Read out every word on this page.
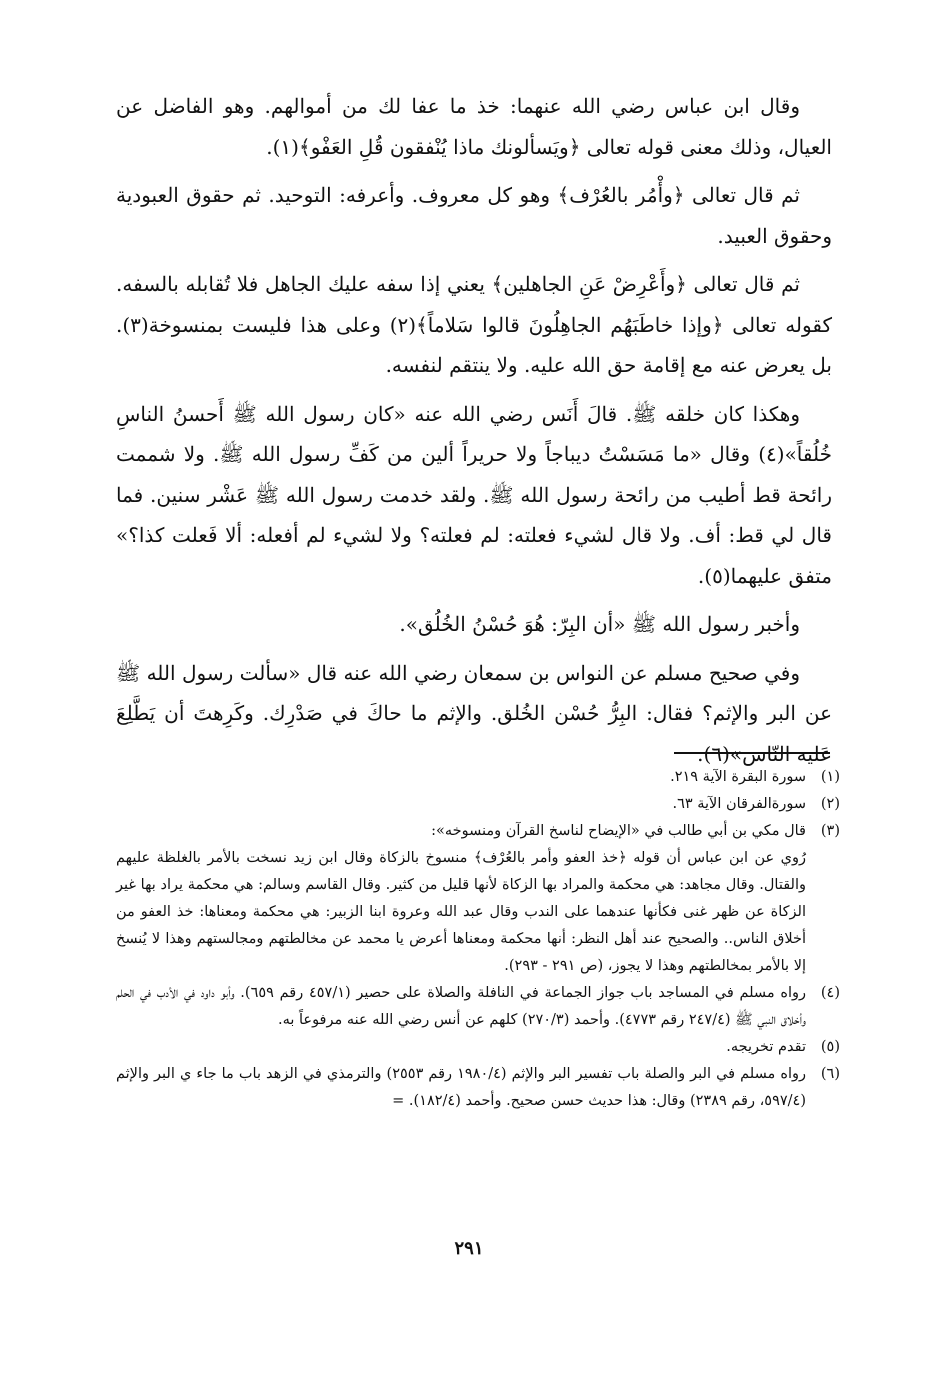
وقال ابن عباس رضي الله عنهما: خذ ما عفا لك من أموالهم. وهو الفاضل عن العيال، وذلك معنى قوله تعالى ﴿ويَسألونك ماذا يُنْفقون قُلِ العَفْو﴾(١).

ثم قال تعالى ﴿وأْمُر بالعُرْف﴾ وهو كل معروف. وأعرفه: التوحيد. ثم حقوق العبودية وحقوق العبيد.

ثم قال تعالى ﴿وأَعْرِضْ عَنِ الجاهلين﴾ يعني إذا سفه عليك الجاهل فلا تُقابله بالسفه. كقوله تعالى ﴿وإذا خاطَبَهُم الجاهِلُونَ قالوا سَلاماً﴾(٢) وعلى هذا فليست بمنسوخة(٣). بل يعرض عنه مع إقامة حق الله عليه. ولا ينتقم لنفسه.

وهكذا كان خلقه ﷺ. قالَ أَنَس رضي الله عنه «كان رسول الله ﷺ أَحسنُ الناسِ خُلُقاً»(٤) وقال «ما مَسَسْتُ ديباجاً ولا حريراً ألين من كَفِّ رسول الله ﷺ. ولا شممت رائحة قط أطيب من رائحة رسول الله ﷺ. ولقد خدمت رسول الله ﷺ عَشْر سنين. فما قال لي قط: أف. ولا قال لشيء فعلته: لم فعلته؟ ولا لشيء لم أفعله: ألا فَعلت كذا؟» متفق عليهما(٥).

وأخبر رسول الله ﷺ «أن البِرّ: هُوَ حُسْنُ الخُلُق».

وفي صحيح مسلم عن النواس بن سمعان رضي الله عنه قال «سألت رسول الله ﷺ عن البر والإثم؟ فقال: البِرُّ حُسْن الخُلق. والإثم ما حاكَ في صَدْرِك. وكَرِهتَ أن يَطَّلِعَ عَليه النّاس»(٦).

(١)
سورة البقرة الآية ٢١٩.
(٢)
سورةالفرقان الآية ٦٣.
(٣)
قال مكي بن أبي طالب في «الإيضاح لناسخ القرآن ومنسوخه»:
رُوي عن ابن عباس أن قوله ﴿خذ العفو وأمر بالعُرْف﴾ منسوخ بالزكاة وقال ابن زيد نسخت بالأمر بالغلظة عليهم والقتال. وقال مجاهد: هي محكمة والمراد بها الزكاة لأنها قليل من كثير. وقال القاسم وسالم: هي محكمة يراد بها غير الزكاة عن ظهر غنى فكأنها عندهما على الندب وقال عبد الله وعروة ابنا الزبير: هي محكمة ومعناها: خذ العفو من أخلاق الناس.. والصحيح عند أهل النظر: أنها محكمة ومعناها أعرض يا محمد عن مخالطتهم ومجالستهم وهذا لا يُنسخ إلا بالأمر بمخالطتهم وهذا لا يجوز، (ص ٢٩١ - ٢٩٣).
(٤)
رواه مسلم في المساجد باب جواز الجماعة في النافلة والصلاة على حصير (٤٥٧/١ رقم ٦٥٩). وأبو داود في الأدب في الحلم وأخلاق النبي ﷺ (٢٤٧/٤ رقم ٤٧٧٣). وأحمد (٢٧٠/٣) كلهم عن أنس رضي الله عنه مرفوعاً به.
(٥)
تقدم تخريجه.
(٦)
رواه مسلم في البر والصلة باب تفسير البر والإثم (١٩٨٠/٤ رقم ٢٥٥٣) والترمذي في الزهد باب ما جاء ي البر والإثم (٥٩٧/٤، رقم ٢٣٨٩) وقال: هذا حديث حسن صحيح. وأحمد (١٨٢/٤). =
٢٩١
